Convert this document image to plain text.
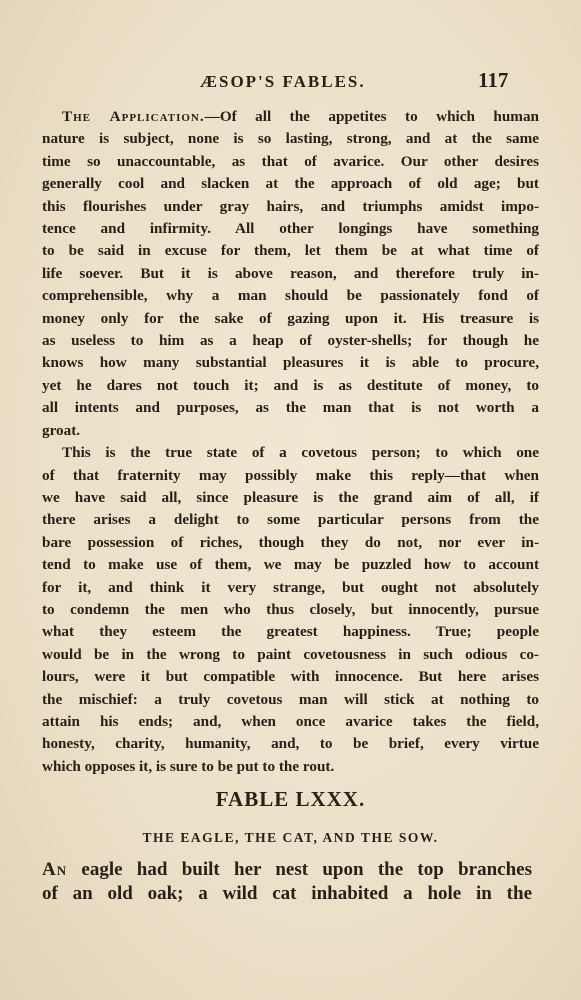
ÆSOP'S FABLES.	117
The Application.—Of all the appetites to which human
nature is subject, none is so lasting, strong, and at the same
time so unaccountable, as that of avarice. Our other desires
generally cool and slacken at the approach of old age; but
this flourishes under gray hairs, and triumphs amidst impo-
tence and infirmity. All other longings have something
to be said in excuse for them, let them be at what time of
life soever. But it is above reason, and therefore truly in-
comprehensible, why a man should be passionately fond of
money only for the sake of gazing upon it. His treasure is
as useless to him as a heap of oyster-shells; for though he
knows how many substantial pleasures it is able to procure,
yet he dares not touch it; and is as destitute of money, to
all intents and purposes, as the man that is not worth a
groat.
This is the true state of a covetous person; to which one
of that fraternity may possibly make this reply—that when
we have said all, since pleasure is the grand aim of all, if
there arises a delight to some particular persons from the
bare possession of riches, though they do not, nor ever in-
tend to make use of them, we may be puzzled how to account
for it, and think it very strange, but ought not absolutely
to condemn the men who thus closely, but innocently, pursue
what they esteem the greatest happiness. True; people
would be in the wrong to paint covetousness in such odious co-
lours, were it but compatible with innocence. But here arises
the mischief: a truly covetous man will stick at nothing to
attain his ends; and, when once avarice takes the field,
honesty, charity, humanity, and, to be brief, every virtue
which opposes it, is sure to be put to the rout.
FABLE LXXX.
THE EAGLE, THE CAT, AND THE SOW.
An eagle had built her nest upon the top branches
of an old oak; a wild cat inhabited a hole in the
